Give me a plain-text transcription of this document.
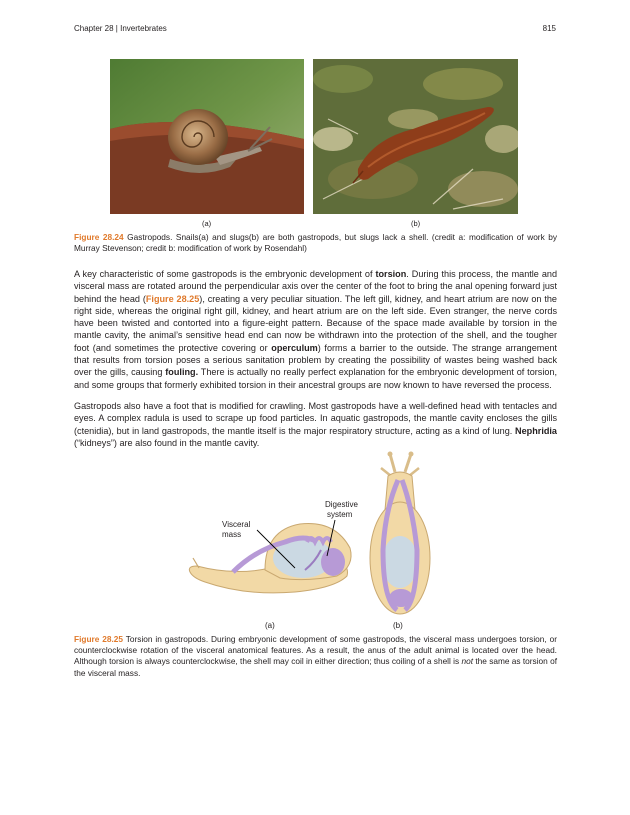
Chapter 28 | Invertebrates	815
(a)	(b)
Figure 28.24 Gastropods. Snails(a) and slugs(b) are both gastropods, but slugs lack a shell. (credit a: modification of work by Murray Stevenson; credit b: modification of work by Rosendahl)

A key characteristic of some gastropods is the embryonic development of torsion. During this process, the mantle and visceral mass are rotated around the perpendicular axis over the center of the foot to bring the anal opening forward just behind the head (Figure 28.25), creating a very peculiar situation. The left gill, kidney, and heart atrium are now on the right side, whereas the original right gill, kidney, and heart atrium are on the left side. Even stranger, the nerve cords have been twisted and contorted into a figure-eight pattern. Because of the space made available by torsion in the mantle cavity, the animal’s sensitive head end can now be withdrawn into the protection of the shell, and the tougher foot (and sometimes the protective covering or operculum) forms a barrier to the outside. The strange arrangement that results from torsion poses a serious sanitation problem by creating the possibility of wastes being washed back over the gills, causing fouling. There is actually no really perfect explanation for the embryonic development of torsion, and some groups that formerly exhibited torsion in their ancestral groups are now known to have reversed the process.

Gastropods also have a foot that is modified for crawling. Most gastropods have a well-defined head with tentacles and eyes. A complex radula is used to scrape up food particles. In aquatic gastropods, the mantle cavity encloses the gills (ctenidia), but in land gastropods, the mantle itself is the major respiratory structure, acting as a kind of lung. Nephridia (“kidneys”) are also found in the mantle cavity.

Visceral
mass
Digestive
system
(a)	(b)
Figure 28.25 Torsion in gastropods. During embryonic development of some gastropods, the visceral mass undergoes torsion, or counterclockwise rotation of the visceral anatomical features. As a result, the anus of the adult animal is located over the head. Although torsion is always counterclockwise, the shell may coil in either direction; thus coiling of a shell is not the same as torsion of the visceral mass.
